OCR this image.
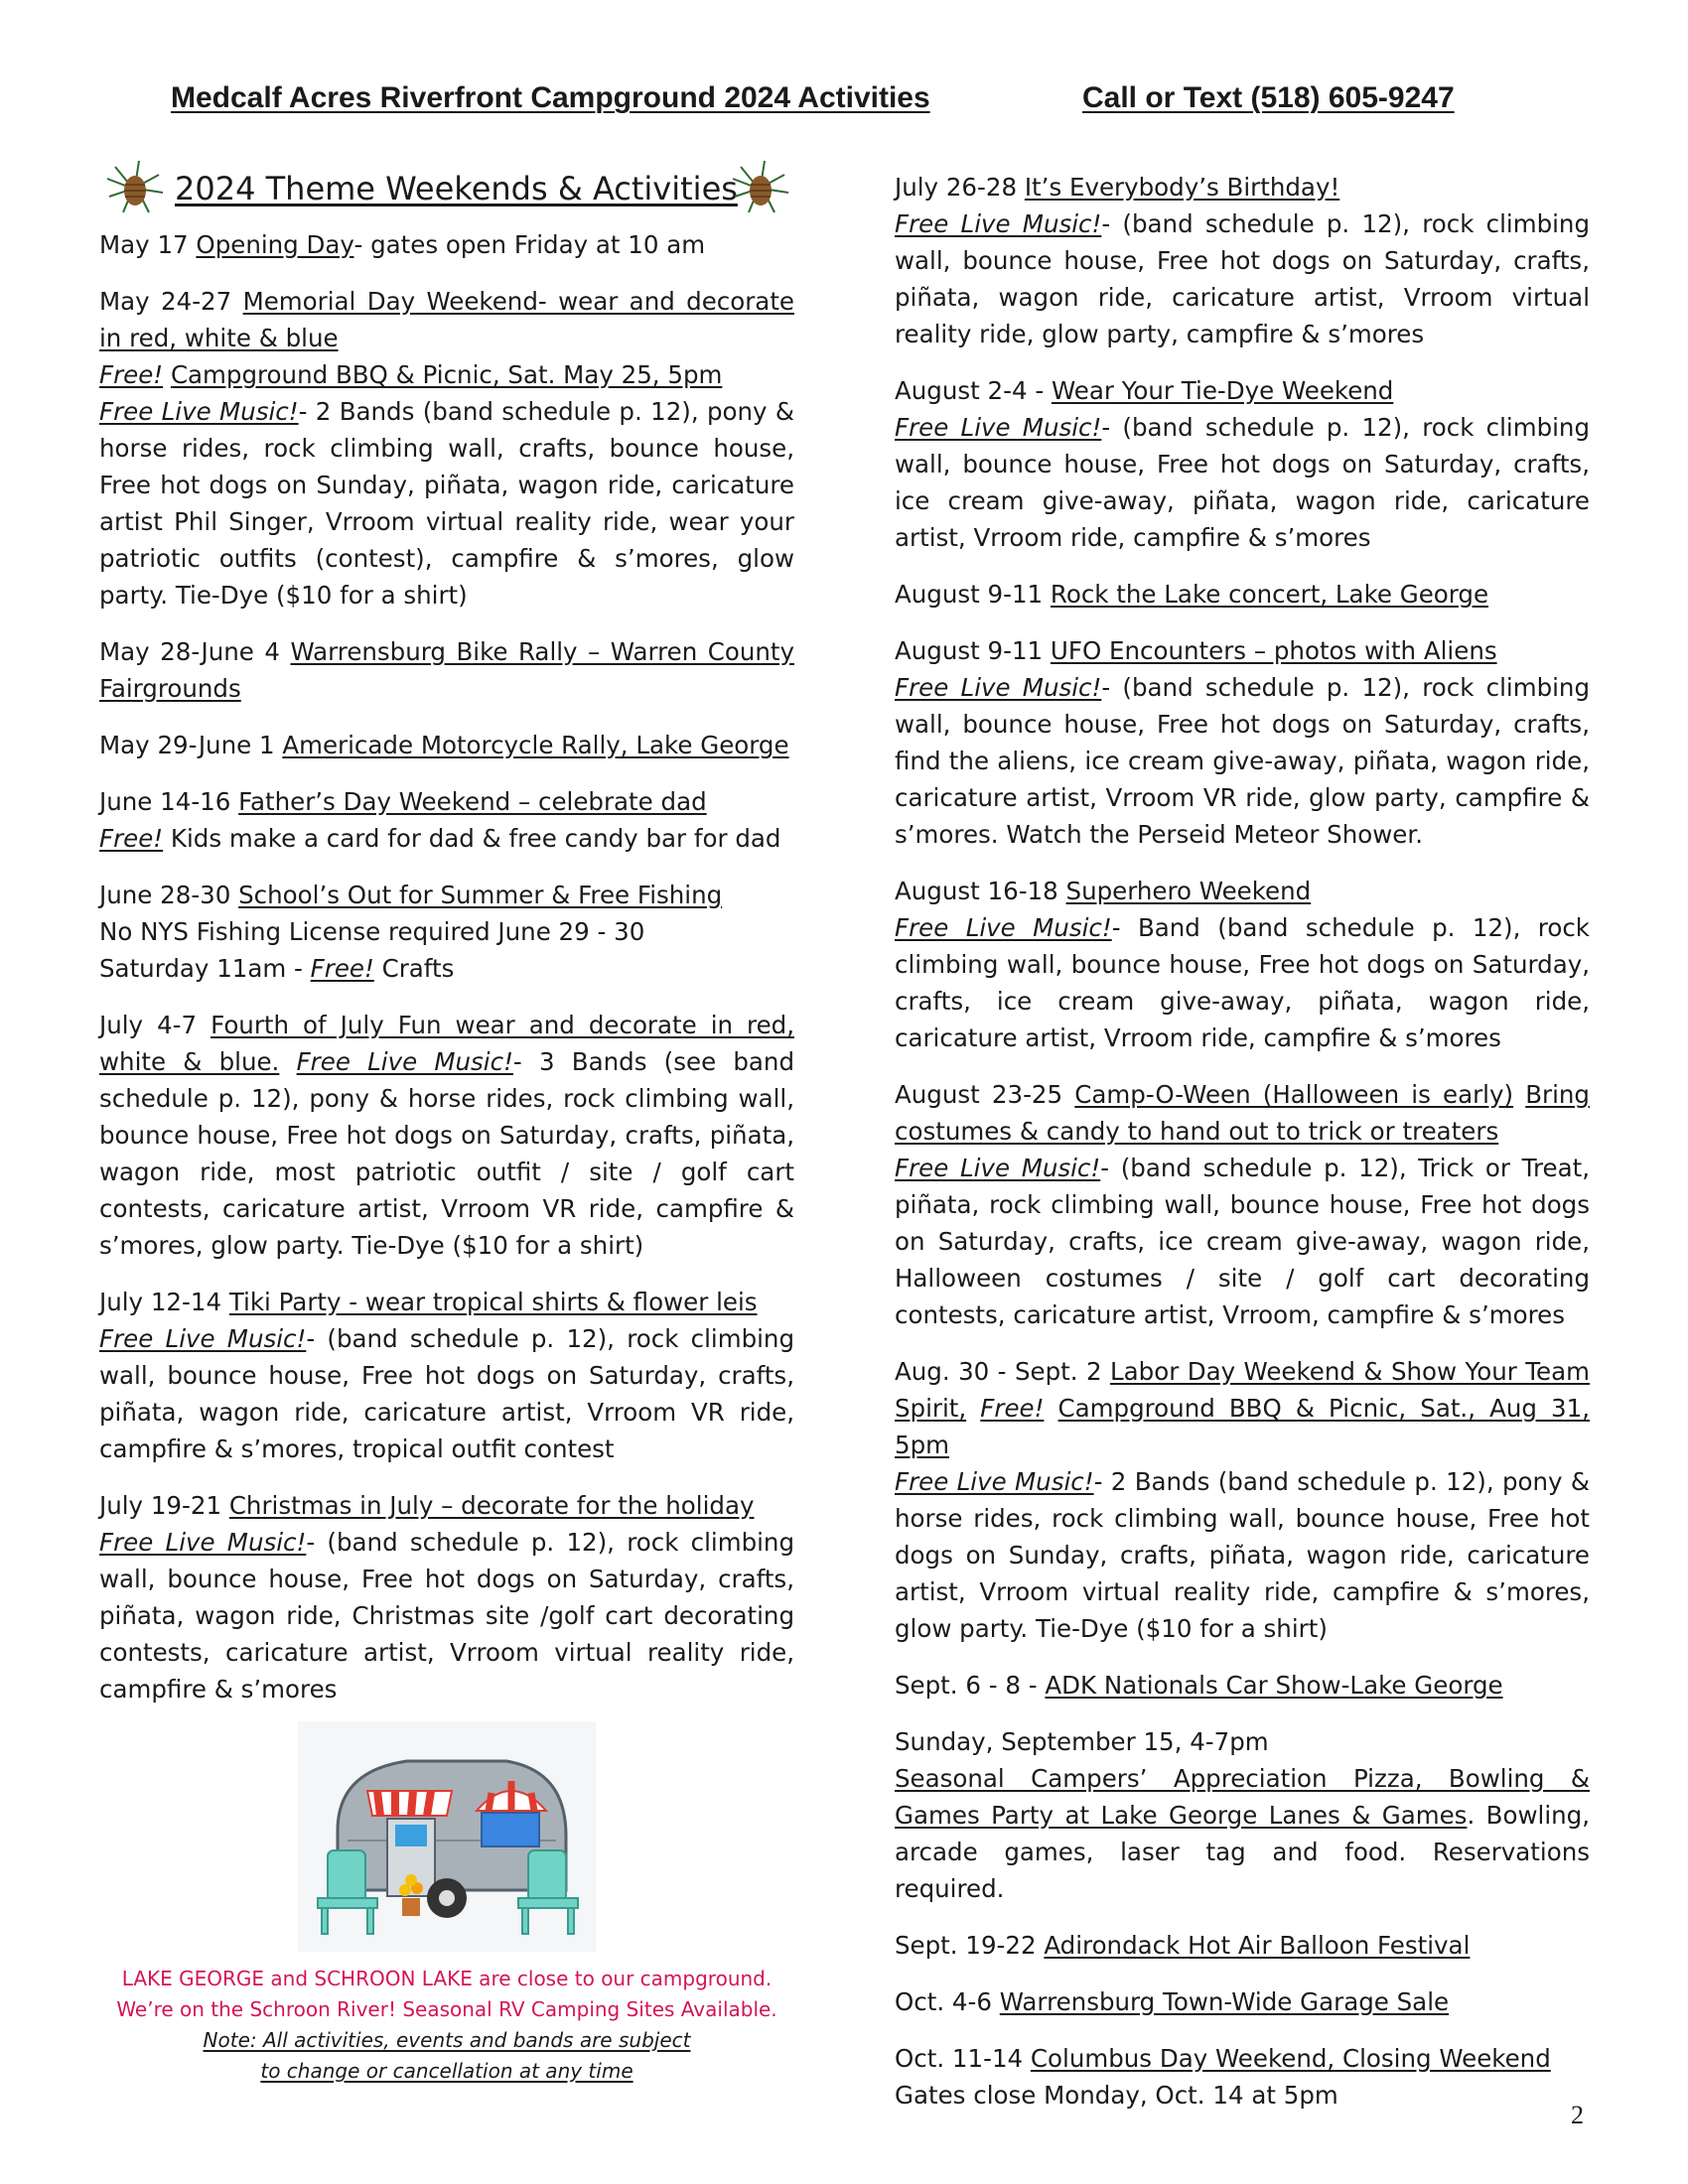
Medcalf Acres Riverfront Campground 2024 Activities	Call or Text (518) 605-9247
2024 Theme Weekends & Activities
May 17 Opening Day- gates open Friday at 10 am
May 24-27 Memorial Day Weekend- wear and decorate in red, white & blue
Free! Campground BBQ & Picnic, Sat. May 25, 5pm
Free Live Music!- 2 Bands (band schedule p. 12), pony & horse rides, rock climbing wall, crafts, bounce house, Free hot dogs on Sunday, piñata, wagon ride, caricature artist Phil Singer, Vrroom virtual reality ride, wear your patriotic outfits (contest), campfire & s’mores, glow party. Tie-Dye ($10 for a shirt)
May 28-June 4 Warrensburg Bike Rally – Warren County Fairgrounds
May 29-June 1 Americade Motorcycle Rally, Lake George
June 14-16 Father’s Day Weekend – celebrate dad
Free! Kids make a card for dad & free candy bar for dad
June 28-30 School’s Out for Summer & Free Fishing
No NYS Fishing License required June 29 - 30
Saturday 11am - Free! Crafts
July 4-7 Fourth of July Fun wear and decorate in red, white & blue. Free Live Music!- 3 Bands (see band schedule p. 12), pony & horse rides, rock climbing wall, bounce house, Free hot dogs on Saturday, crafts, piñata, wagon ride, most patriotic outfit / site / golf cart contests, caricature artist, Vrroom VR ride, campfire & s’mores, glow party. Tie-Dye ($10 for a shirt)
July 12-14 Tiki Party - wear tropical shirts & flower leis
Free Live Music!- (band schedule p. 12), rock climbing wall, bounce house, Free hot dogs on Saturday, crafts, piñata, wagon ride, caricature artist, Vrroom VR ride, campfire & s’mores, tropical outfit contest
July 19-21 Christmas in July – decorate for the holiday
Free Live Music!- (band schedule p. 12), rock climbing wall, bounce house, Free hot dogs on Saturday, crafts, piñata, wagon ride, Christmas site /golf cart decorating contests, caricature artist, Vrroom virtual reality ride, campfire & s’mores
July 26-28 It’s Everybody’s Birthday!
Free Live Music!- (band schedule p. 12), rock climbing wall, bounce house, Free hot dogs on Saturday, crafts, piñata, wagon ride, caricature artist, Vrroom virtual reality ride, glow party, campfire & s’mores
August 2-4 - Wear Your Tie-Dye Weekend
Free Live Music!- (band schedule p. 12), rock climbing wall, bounce house, Free hot dogs on Saturday, crafts, ice cream give-away, piñata, wagon ride, caricature artist, Vrroom ride, campfire & s’mores
August 9-11 Rock the Lake concert, Lake George
August 9-11 UFO Encounters – photos with Aliens
Free Live Music!- (band schedule p. 12), rock climbing wall, bounce house, Free hot dogs on Saturday, crafts, find the aliens, ice cream give-away, piñata, wagon ride, caricature artist, Vrroom VR ride, glow party, campfire & s’mores. Watch the Perseid Meteor Shower.
August 16-18 Superhero Weekend
Free Live Music!- Band (band schedule p. 12), rock climbing wall, bounce house, Free hot dogs on Saturday, crafts, ice cream give-away, piñata, wagon ride, caricature artist, Vrroom ride, campfire & s’mores
August 23-25 Camp-O-Ween (Halloween is early) Bring costumes & candy to hand out to trick or treaters
Free Live Music!- (band schedule p. 12), Trick or Treat, piñata, rock climbing wall, bounce house, Free hot dogs on Saturday, crafts, ice cream give-away, wagon ride, Halloween costumes / site / golf cart decorating contests, caricature artist, Vrroom, campfire & s’mores
Aug. 30 - Sept. 2 Labor Day Weekend & Show Your Team Spirit, Free! Campground BBQ & Picnic, Sat., Aug 31, 5pm
Free Live Music!- 2 Bands (band schedule p. 12), pony & horse rides, rock climbing wall, bounce house, Free hot dogs on Sunday, crafts, piñata, wagon ride, caricature artist, Vrroom virtual reality ride, campfire & s’mores, glow party. Tie-Dye ($10 for a shirt)
Sept. 6 - 8 - ADK Nationals Car Show-Lake George
Sunday, September 15, 4-7pm
Seasonal Campers’ Appreciation Pizza, Bowling & Games Party at Lake George Lanes & Games. Bowling, arcade games, laser tag and food. Reservations required.
Sept. 19-22 Adirondack Hot Air Balloon Festival
Oct. 4-6 Warrensburg Town-Wide Garage Sale
Oct. 11-14 Columbus Day Weekend, Closing Weekend
Gates close Monday, Oct. 14 at 5pm
LAKE GEORGE and SCHROON LAKE are close to our campground.
We’re on the Schroon River! Seasonal RV Camping Sites Available.
Note: All activities, events and bands are subject
to change or cancellation at any time
2
